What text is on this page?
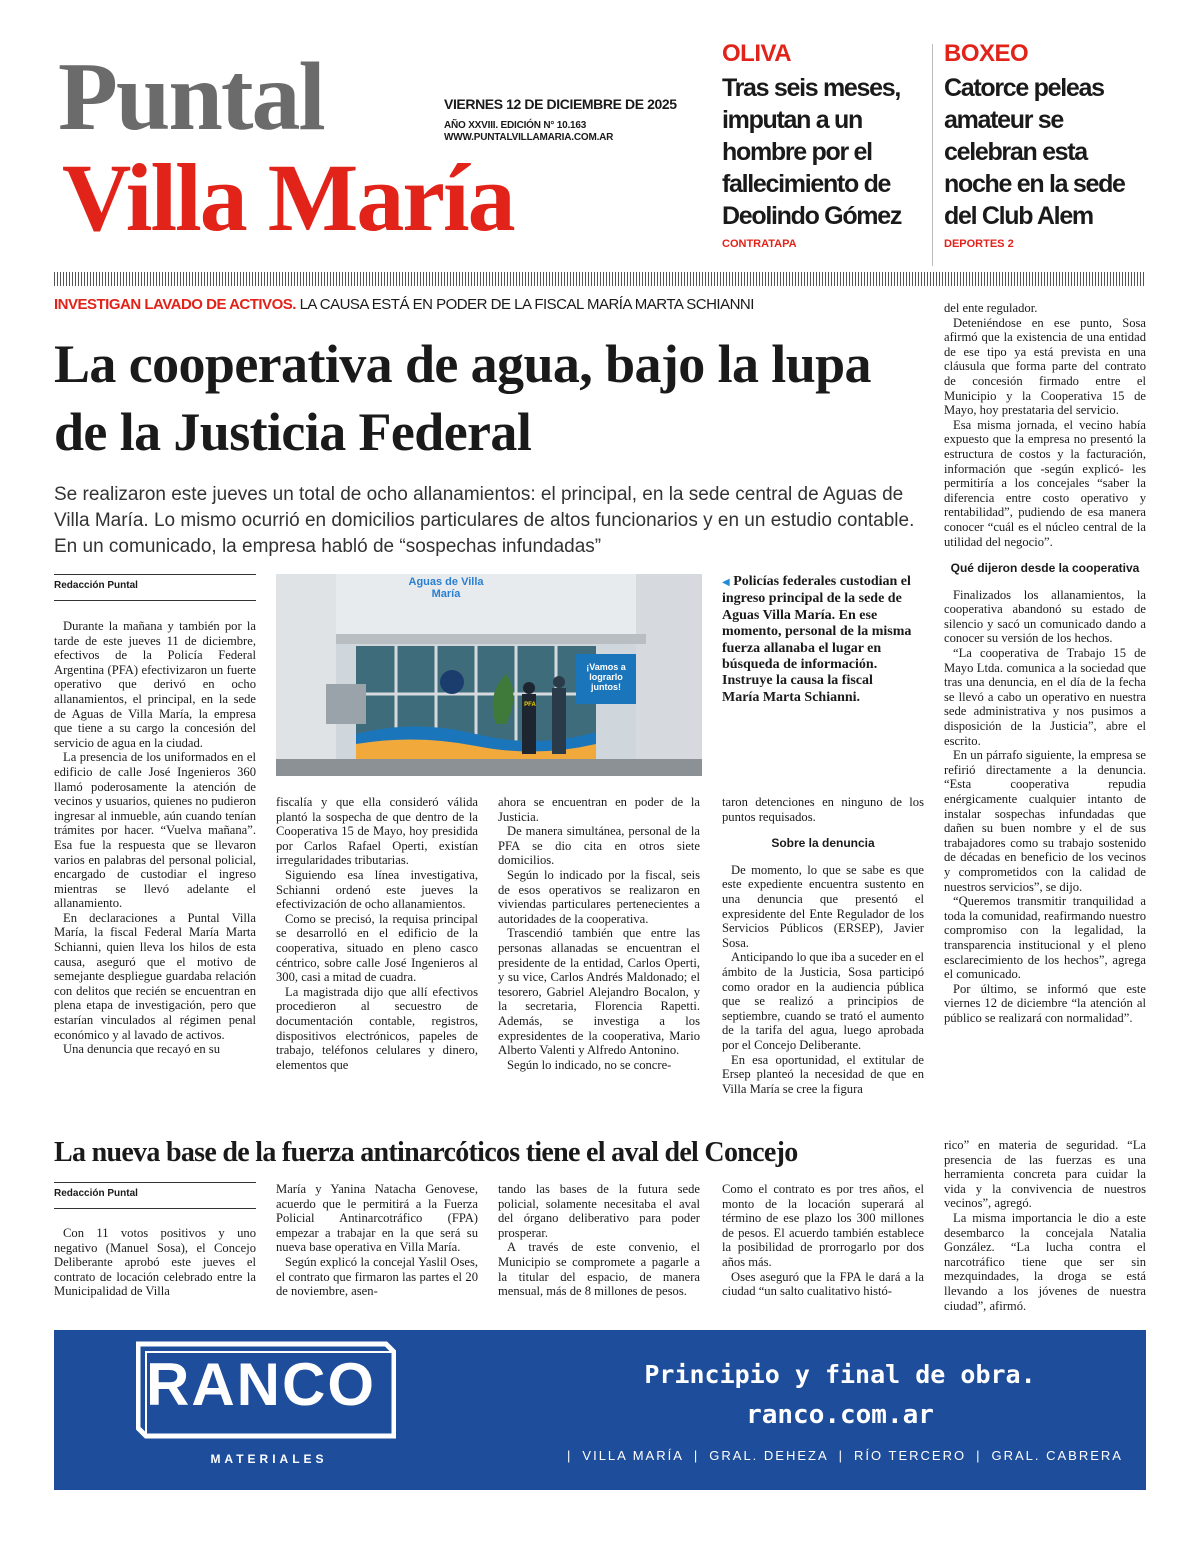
Puntal
Villa María
VIERNES 12 DE DICIEMBRE DE 2025
AÑO XXVIII. EDICIÓN N° 10.163
WWW.PUNTALVILLAMARIA.COM.AR
OLIVA
Tras seis meses, imputan a un hombre por el fallecimiento de Deolindo Gómez
CONTRATAPA
BOXEO
Catorce peleas amateur se celebran esta noche en la sede del Club Alem
DEPORTES 2
INVESTIGAN LAVADO DE ACTIVOS. LA CAUSA ESTÁ EN PODER DE LA FISCAL MARÍA MARTA SCHIANNI
La cooperativa de agua, bajo la lupa de la Justicia Federal
Se realizaron este jueves un total de ocho allanamientos: el principal, en la sede central de Aguas de Villa María. Lo mismo ocurrió en domicilios particulares de altos funcionarios y en un estudio contable. En un comunicado, la empresa habló de “sospechas infundadas”
Redacción Puntal

Durante la mañana y también por la tarde de este jueves 11 de diciembre, efectivos de la Policía Federal Argentina (PFA) efectivizaron un fuerte operativo que derivó en ocho allanamientos, el principal, en la sede de Aguas de Villa María, la empresa que tiene a su cargo la concesión del servicio de agua en la ciudad.

La presencia de los uniformados en el edificio de calle José Ingenieros 360 llamó poderosamente la atención de vecinos y usuarios, quienes no pudieron ingresar al inmueble, aún cuando tenían trámites por hacer. “Vuelva mañana”. Esa fue la respuesta que se llevaron varios en palabras del personal policial, encargado de custodiar el ingreso mientras se llevó adelante el allanamiento.

En declaraciones a Puntal Villa María, la fiscal Federal María Marta Schianni, quien lleva los hilos de esta causa, aseguró que el motivo de semejante despliegue guardaba relación con delitos que recién se encuentran en plena etapa de investigación, pero que estarían vinculados al régimen penal económico y al lavado de activos.

Una denuncia que recayó en su

Aguas de Villa María
¡Vamos a lograrlo juntos!
PFA
◀ Policías federales custodian el ingreso principal de la sede de Aguas Villa María. En ese momento, personal de la misma fuerza allanaba el lugar en búsqueda de información. Instruye la causa la fiscal María Marta Schianni.

fiscalía y que ella consideró válida plantó la sospecha de que dentro de la Cooperativa 15 de Mayo, hoy presidida por Carlos Rafael Operti, existían irregularidades tributarias.

Siguiendo esa línea investigativa, Schianni ordenó este jueves la efectivización de ocho allanamientos.

Como se precisó, la requisa principal se desarrolló en el edificio de la cooperativa, situado en pleno casco céntrico, sobre calle José Ingenieros al 300, casi a mitad de cuadra.

La magistrada dijo que allí efectivos procedieron al secuestro de documentación contable, registros, dispositivos electrónicos, papeles de trabajo, teléfonos celulares y dinero, elementos que

ahora se encuentran en poder de la Justicia.

De manera simultánea, personal de la PFA se dio cita en otros siete domicilios.

Según lo indicado por la fiscal, seis de esos operativos se realizaron en viviendas particulares pertenecientes a autoridades de la cooperativa.

Trascendió también que entre las personas allanadas se encuentran el presidente de la entidad, Carlos Operti, y su vice, Carlos Andrés Maldonado; el tesorero, Gabriel Alejandro Bocalon, y la secretaria, Florencia Rapetti. Además, se investiga a los expresidentes de la cooperativa, Mario Alberto Valenti y Alfredo Antonino.

Según lo indicado, no se concre-

taron detenciones en ninguno de los puntos requisados.

Sobre la denuncia

De momento, lo que se sabe es que este expediente encuentra sustento en una denuncia que presentó el expresidente del Ente Regulador de los Servicios Públicos (ERSEP), Javier Sosa.

Anticipando lo que iba a suceder en el ámbito de la Justicia, Sosa participó como orador en la audiencia pública que se realizó a principios de septiembre, cuando se trató el aumento de la tarifa del agua, luego aprobada por el Concejo Deliberante.

En esa oportunidad, el extitular de Ersep planteó la necesidad de que en Villa María se cree la figura

del ente regulador.

Deteniéndose en ese punto, Sosa afirmó que la existencia de una entidad de ese tipo ya está prevista en una cláusula que forma parte del contrato de concesión firmado entre el Municipio y la Cooperativa 15 de Mayo, hoy prestataria del servicio.

Esa misma jornada, el vecino había expuesto que la empresa no presentó la estructura de costos y la facturación, información que -según explicó- les permitiría a los concejales “saber la diferencia entre costo operativo y rentabilidad”, pudiendo de esa manera conocer “cuál es el núcleo central de la utilidad del negocio”.

Qué dijeron desde la cooperativa

Finalizados los allanamientos, la cooperativa abandonó su estado de silencio y sacó un comunicado dando a conocer su versión de los hechos.

“La cooperativa de Trabajo 15 de Mayo Ltda. comunica a la sociedad que tras una denuncia, en el día de la fecha se llevó a cabo un operativo en nuestra sede administrativa y nos pusimos a disposición de la Justicia”, abre el escrito.

En un párrafo siguiente, la empresa se refirió directamente a la denuncia. “Esta cooperativa repudia enérgicamente cualquier intanto de instalar sospechas infundadas que dañen su buen nombre y el de sus trabajadores como su trabajo sostenido de décadas en beneficio de los vecinos y comprometidos con la calidad de nuestros servicios”, se dijo.

“Queremos transmitir tranquilidad a toda la comunidad, reafirmando nuestro compromiso con la legalidad, la transparencia institucional y el pleno esclarecimiento de los hechos”, agrega el comunicado.

Por último, se informó que este viernes 12 de diciembre “la atención al público se realizará con normalidad”.

La nueva base de la fuerza antinarcóticos tiene el aval del Concejo
Redacción Puntal

Con 11 votos positivos y uno negativo (Manuel Sosa), el Concejo Deliberante aprobó este jueves el contrato de locación celebrado entre la Municipalidad de Villa

María y Yanina Natacha Genovese, acuerdo que le permitirá a la Fuerza Policial Antinarcotráfico (FPA) empezar a trabajar en la que será su nueva base operativa en Villa María.

Según explicó la concejal Yaslil Oses, el contrato que firmaron las partes el 20 de noviembre, asen-

tando las bases de la futura sede policial, solamente necesitaba el aval del órgano deliberativo para poder prosperar.

A través de este convenio, el Municipio se compromete a pagarle a la titular del espacio, de manera mensual, más de 8 millones de pesos.

Como el contrato es por tres años, el monto de la locación superará al término de ese plazo los 300 millones de pesos. El acuerdo también establece la posibilidad de prorrogarlo por dos años más.

Oses aseguró que la FPA le dará a la ciudad “un salto cualitativo histó-

rico” en materia de seguridad. “La presencia de las fuerzas es una herramienta concreta para cuidar la vida y la convivencia de nuestros vecinos”, agregó.

La misma importancia le dio a este desembarco la concejala Natalia González. “La lucha contra el narcotráfico tiene que ser sin mezquindades, la droga se está llevando a los jóvenes de nuestra ciudad”, afirmó.

RANCO
MATERIALES
Principio y final de obra.
ranco.com.ar
| VILLA MARÍA | GRAL. DEHEZA | RÍO TERCERO | GRAL. CABRERA
